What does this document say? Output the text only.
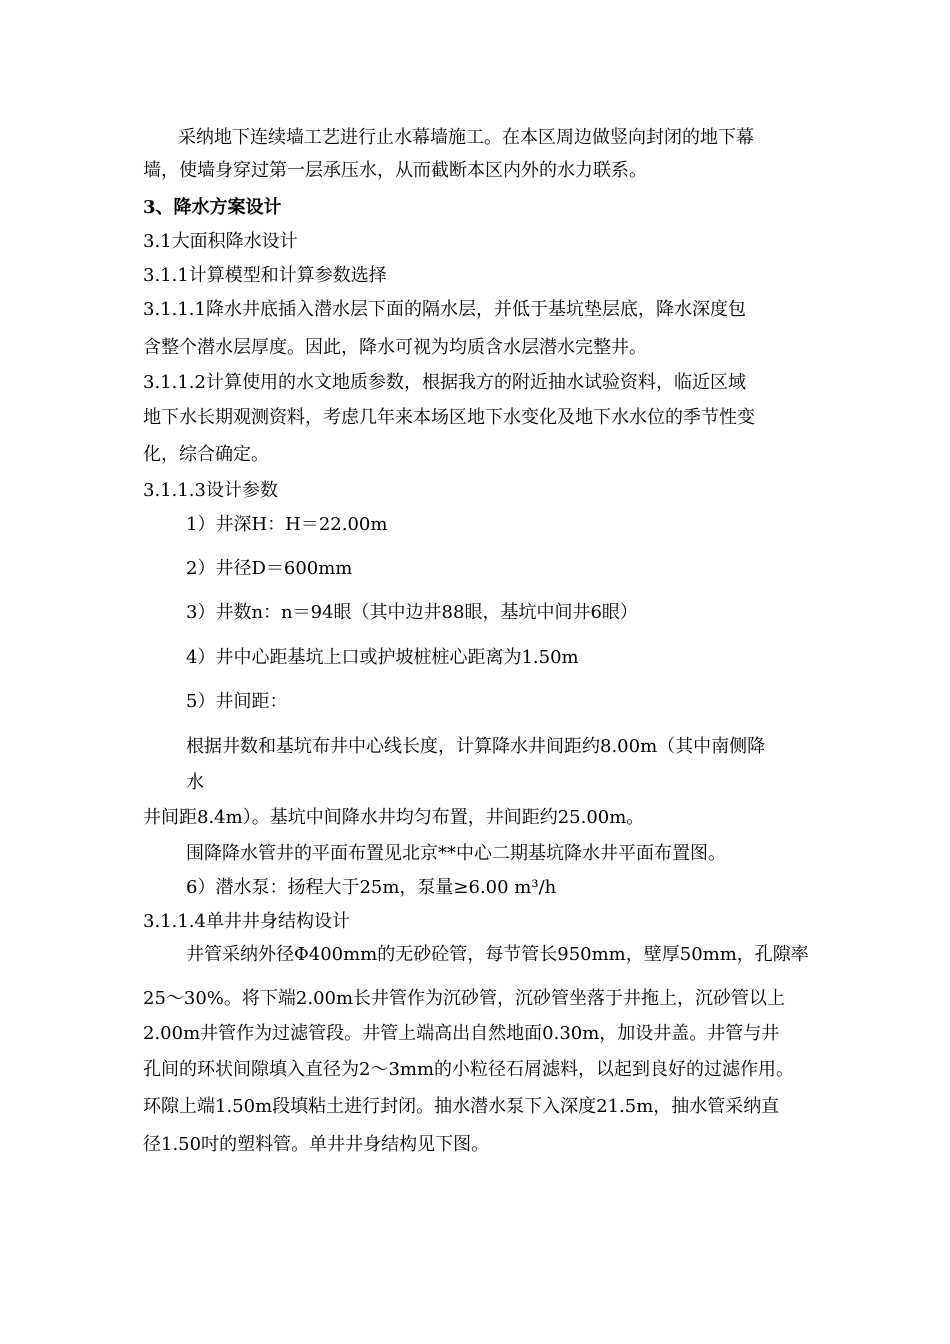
采纳地下连续墙工艺进行止水幕墙施工。在本区周边做竖向封闭的地下幕
墙，使墙身穿过第一层承压水，从而截断本区内外的水力联系。
3、降水方案设计
3.1大面积降水设计
3.1.1计算模型和计算参数选择
3.1.1.1降水井底插入潜水层下面的隔水层，并低于基坑垫层底，降水深度包
含整个潜水层厚度。因此，降水可视为均质含水层潜水完整井。
3.1.1.2计算使用的水文地质参数，根据我方的附近抽水试验资料，临近区域
地下水长期观测资料，考虑几年来本场区地下水变化及地下水水位的季节性变
化，综合确定。
3.1.1.3设计参数
1）井深H：H＝22.00m
2）井径D＝600mm
3）井数n：n＝94眼（其中边井88眼，基坑中间井6眼）
4）井中心距基坑上口或护坡桩桩心距离为1.50m
5）井间距：
根据井数和基坑布井中心线长度，计算降水井间距约8.00m（其中南侧降
水
井间距8.4m）。基坑中间降水井均匀布置，井间距约25.00m。
围降降水管井的平面布置见北京**中心二期基坑降水井平面布置图。
6）潜水泵：扬程大于25m，泵量≥6.00 m³/h
3.1.1.4单井井身结构设计
井管采纳外径Φ400mm的无砂砼管，每节管长950mm，壁厚50mm，孔隙率
25～30%。将下端2.00m长井管作为沉砂管，沉砂管坐落于井拖上，沉砂管以上
2.00m井管作为过滤管段。井管上端高出自然地面0.30m，加设井盖。井管与井
孔间的环状间隙填入直径为2～3mm的小粒径石屑滤料，以起到良好的过滤作用。
环隙上端1.50m段填粘土进行封闭。抽水潜水泵下入深度21.5m，抽水管采纳直
径1.50吋的塑料管。单井井身结构见下图。
